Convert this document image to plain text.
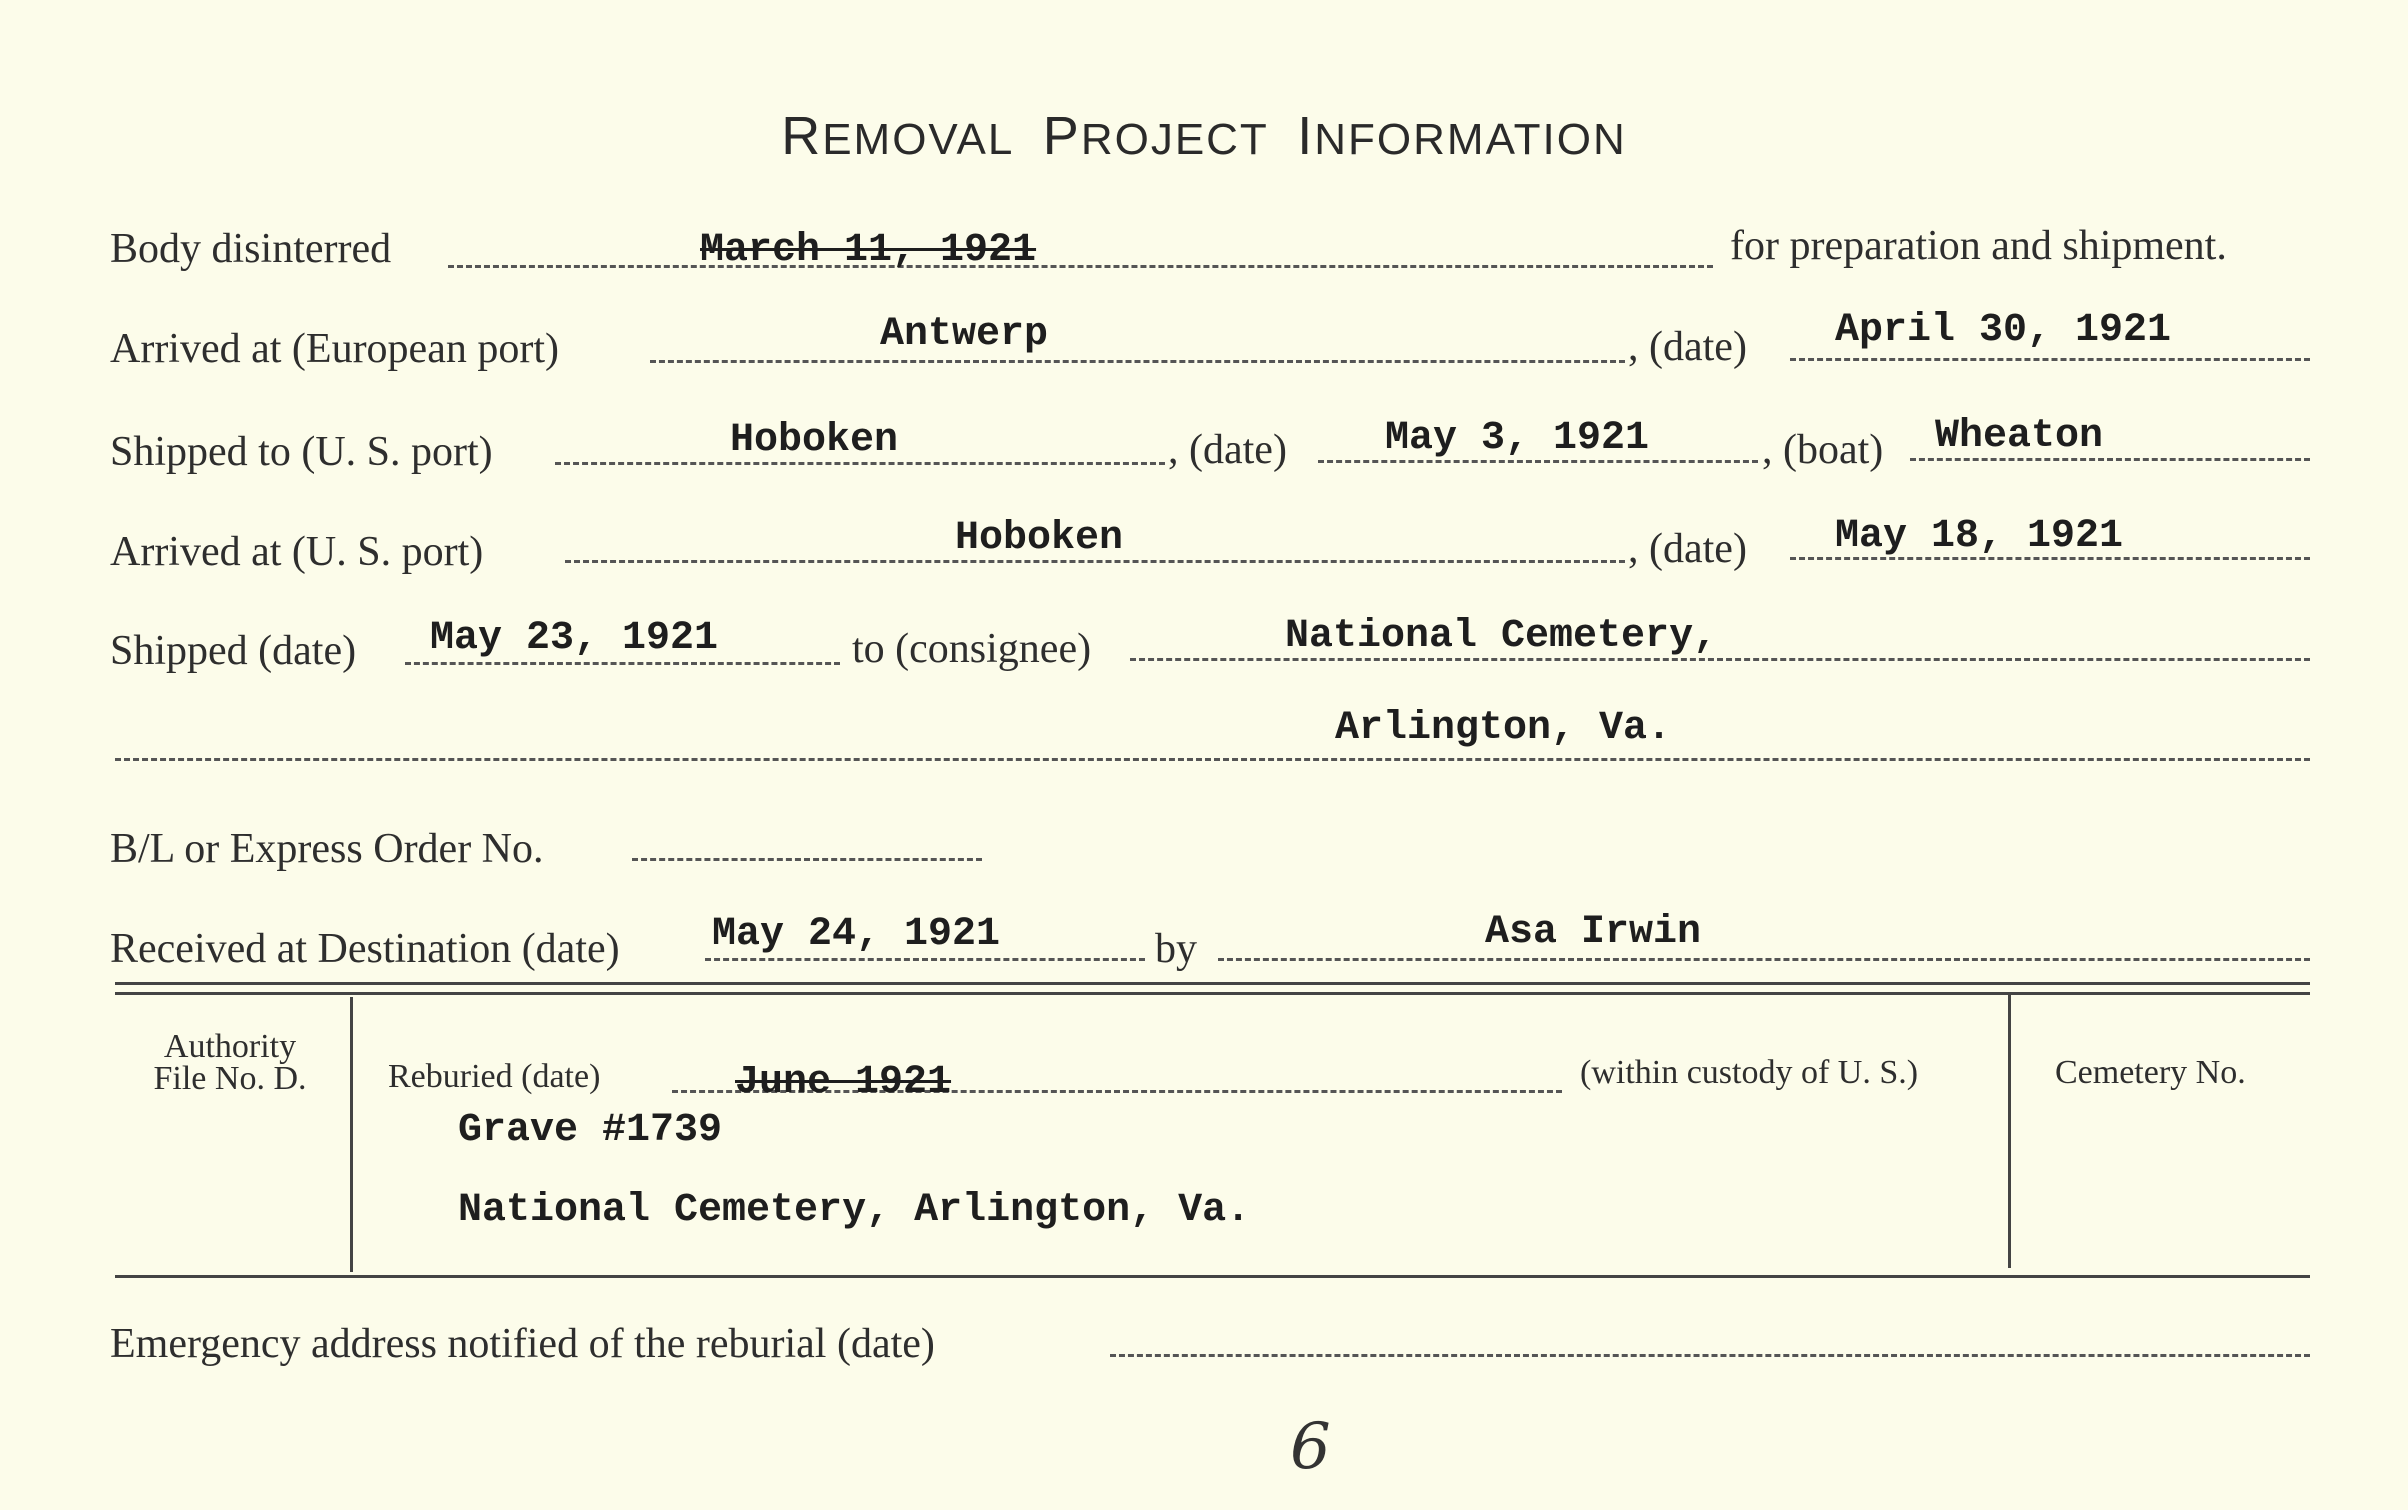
REMOVAL PROJECT INFORMATION
Body disinterred	March 11, 1921	for preparation and shipment.
Arrived at (European port)	Antwerp	, (date) April 30, 1921
Shipped to (U. S. port)	Hoboken	, (date) May 3, 1921	, (boat) Wheaton
Arrived at (U. S. port)	Hoboken	, (date) May 18, 1921
Shipped (date) May 23, 1921	to (consignee)	National Cemetery,
Arlington, Va.
B/L or Express Order No.
Received at Destination (date) May 24, 1921	by	Asa Irwin
Authority
File No. D.	Reburied (date)	June 1921	(within custody of U. S.)	Cemetery No.
Grave #1739
National Cemetery, Arlington, Va.
Emergency address notified of the reburial (date)
6
